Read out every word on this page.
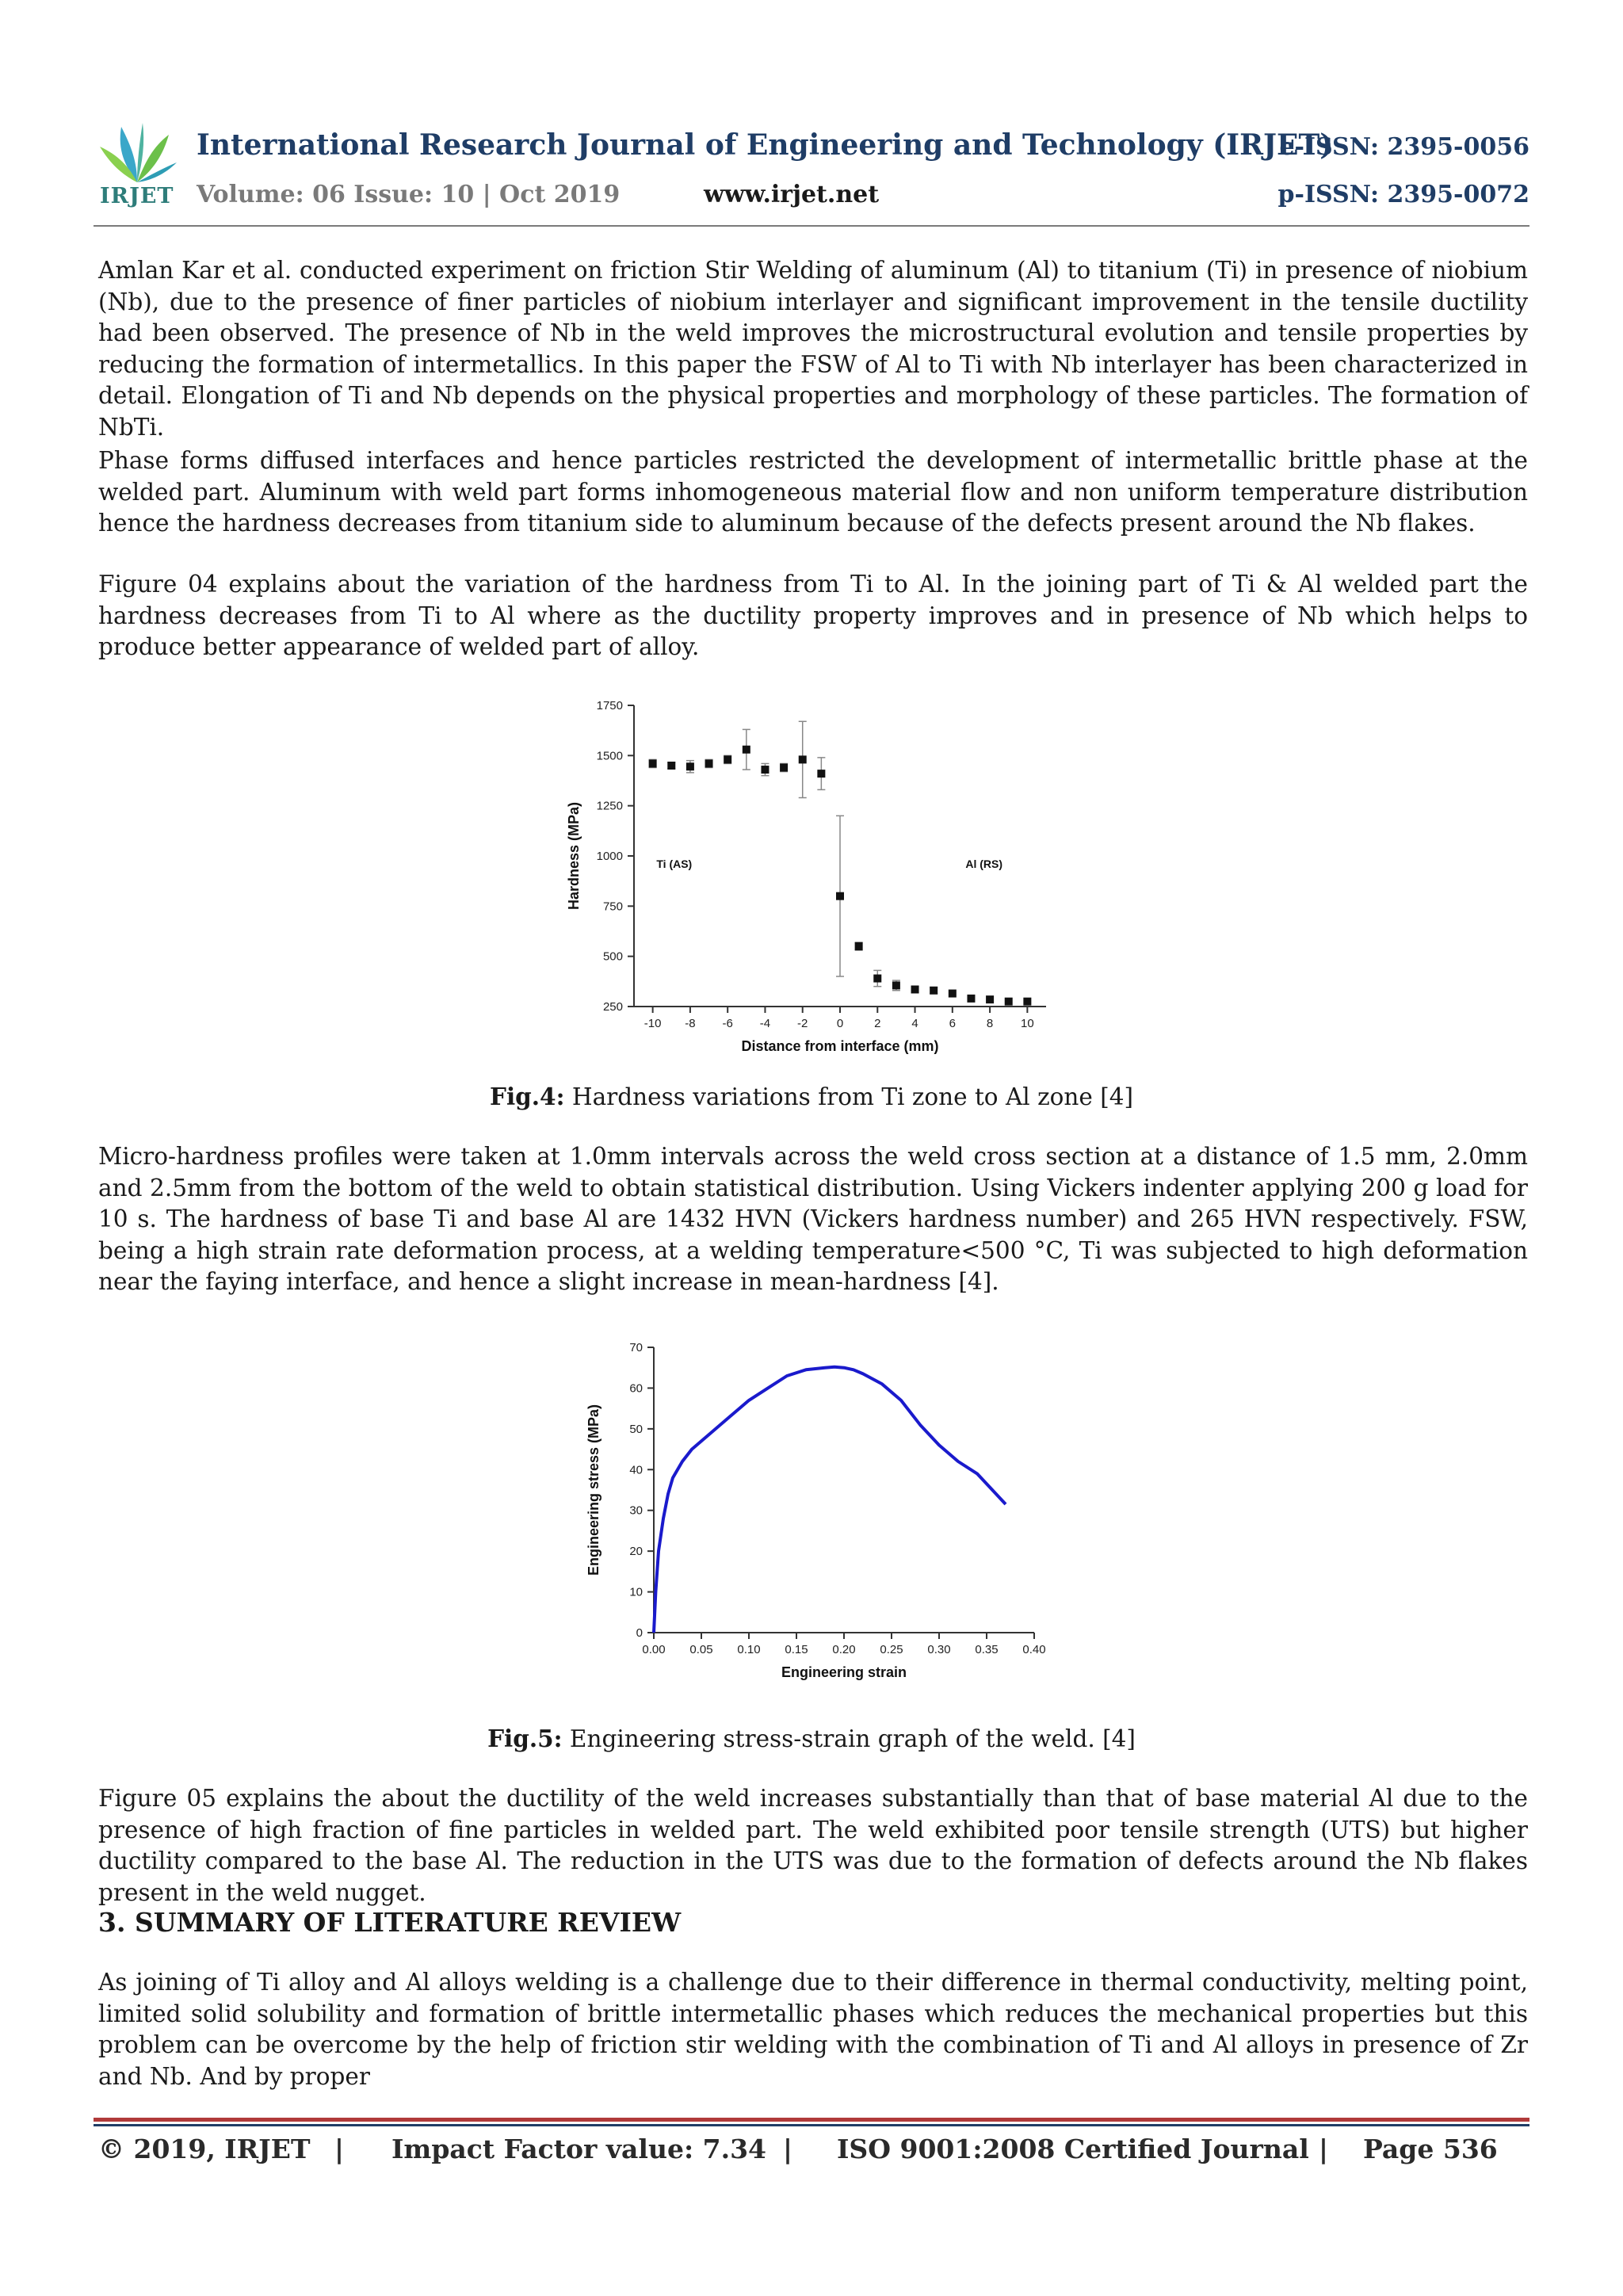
IRJET
International Research Journal of Engineering and Technology (IRJET)
e-ISSN: 2395-0056
Volume: 06 Issue: 10 | Oct 2019	www.irjet.net	p-ISSN: 2395-0072
Amlan Kar et al. conducted experiment on friction Stir Welding of aluminum (Al) to titanium (Ti) in presence of niobium (Nb), due to the presence of finer particles of niobium interlayer and significant improvement in the tensile ductility had been observed. The presence of Nb in the weld improves the microstructural evolution and tensile properties by reducing the formation of intermetallics. In this paper the FSW of Al to Ti with Nb interlayer has been characterized in detail. Elongation of Ti and Nb depends on the physical properties and morphology of these particles. The formation of NbTi.
Phase forms diffused interfaces and hence particles restricted the development of intermetallic brittle phase at the welded part. Aluminum with weld part forms inhomogeneous material flow and non uniform temperature distribution hence the hardness decreases from titanium side to aluminum because of the defects present around the Nb flakes.
Figure 04 explains about the variation of the hardness from Ti to Al. In the joining part of Ti & Al welded part the hardness decreases from Ti to Al where as the ductility property improves and in presence of Nb which helps to produce better appearance of welded part of alloy.
250
500
750
1000
1250
1500
1750
-10 -8 -6 -4 -2 0	2	4	6	8 10
Distance from interface (mm)
Hardness (MPa)	Ti (AS)	Al (RS)
Fig.4: Hardness variations from Ti zone to Al zone [4]
Micro-hardness profiles were taken at 1.0mm intervals across the weld cross section at a distance of 1.5 mm, 2.0mm and 2.5mm from the bottom of the weld to obtain statistical distribution. Using Vickers indenter applying 200 g load for 10 s. The hardness of base Ti and base Al are 1432 HVN (Vickers hardness number) and 265 HVN respectively. FSW, being a high strain rate deformation process, at a welding temperature<500 °C, Ti was subjected to high deformation near the faying interface, and hence a slight increase in mean-hardness [4].
0
10
20
30
40
50
60
70
0.00 0.05 0.10 0.15 0.20 0.25 0.30 0.35 0.40
Engineering strain
Engineering stress (MPa)
Fig.5: Engineering stress-strain graph of the weld. [4]
Figure 05 explains the about the ductility of the weld increases substantially than that of base material Al due to the presence of high fraction of fine particles in welded part. The weld exhibited poor tensile strength (UTS) but higher ductility compared to the base Al. The reduction in the UTS was due to the formation of defects around the Nb flakes present in the weld nugget.
3. SUMMARY OF LITERATURE REVIEW
As joining of Ti alloy and Al alloys welding is a challenge due to their difference in thermal conductivity, melting point, limited solid solubility and formation of brittle intermetallic phases which reduces the mechanical properties but this problem can be overcome by the help of friction stir welding with the combination of Ti and Al alloys in presence of Zr and Nb. And by proper
© 2019, IRJET | Impact Factor value: 7.34 | ISO 9001:2008 Certified Journal | Page 536
